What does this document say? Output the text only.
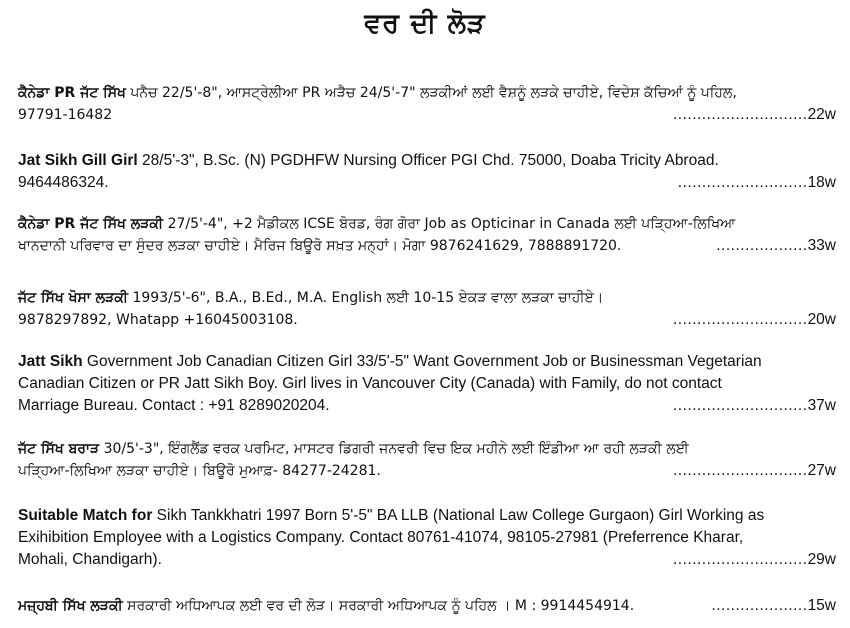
ਵਰ ਦੀ ਲੋੜ
ਕੈਨੇਡਾ PR ਜੱਟ ਸਿੱਖ ਪਨੈਚ 22/5'-8", ਆਸਟ੍ਰੇਲੀਆ PR ਅੜੈਚ 24/5'-7" ਲੜਕੀਆਂ ਲਈ ਵੈਸ਼ਨੂੰ ਲੜਕੇ ਚਾਹੀਏ, ਵਿਦੇਸ਼ ਕੱਚਿਆਂ ਨੂੰ ਪਹਿਲ,
97791-16482	............................22w
Jat Sikh Gill Girl 28/5'-3", B.Sc. (N) PGDHFW Nursing Officer PGI Chd. 75000, Doaba Tricity Abroad.
9464486324.	...........................18w
ਕੈਨੇਡਾ PR ਜੱਟ ਸਿੱਖ ਲੜਕੀ 27/5'-4", +2 ਮੈਡੀਕਲ ICSE ਬੋਰਡ, ਰੰਗ ਗੋਰਾ Job as Opticinar in Canada ਲਈ ਪੜ੍ਹਿਆ-ਲਿਖਿਆ
ਖਾਨਦਾਨੀ ਪਰਿਵਾਰ ਦਾ ਸੁੰਦਰ ਲੜਕਾ ਚਾਹੀਏ। ਮੈਰਿਜ ਬਿਊਰੋ ਸਖ਼ਤ ਮਨ੍ਹਾਂ। ਮੋਗਾ 9876241629, 7888891720.	...................33w
ਜੱਟ ਸਿੱਖ ਖੋਸਾ ਲੜਕੀ 1993/5'-6", B.A., B.Ed., M.A. English ਲਈ 10-15 ਏਕੜ ਵਾਲਾ ਲੜਕਾ ਚਾਹੀਏ।
9878297892, Whatapp +16045003108.	............................20w
Jatt Sikh Government Job Canadian Citizen Girl 33/5'-5" Want Government Job or Businessman Vegetarian
Canadian Citizen or PR Jatt Sikh Boy. Girl lives in Vancouver City (Canada) with Family, do not contact
Marriage Bureau. Contact : +91 8289020204.	............................37w
ਜੱਟ ਸਿੱਖ ਬਰਾੜ 30/5'-3", ਇੰਗਲੈਂਡ ਵਰਕ ਪਰਮਿਟ, ਮਾਸਟਰ ਡਿਗਰੀ ਜਨਵਰੀ ਵਿਚ ਇਕ ਮਹੀਨੇ ਲਈ ਇੰਡੀਆ ਆ ਰਹੀ ਲੜਕੀ ਲਈ
ਪੜ੍ਹਿਆ-ਲਿਖਿਆ ਲੜਕਾ ਚਾਹੀਏ। ਬਿਊਰੋ ਮੁਆਫ਼- 84277-24281.	............................27w
Suitable Match for Sikh Tankkhatri 1997 Born 5'-5" BA LLB (National Law College Gurgaon) Girl Working as
Exihibition Employee with a Logistics Company. Contact 80761-41074, 98105-27981 (Preferrence Kharar,
Mohali, Chandigarh).	............................29w
ਮਜ਼੍ਹਬੀ ਸਿੱਖ ਲੜਕੀ ਸਰਕਾਰੀ ਅਧਿਆਪਕ ਲਈ ਵਰ ਦੀ ਲੋੜ। ਸਰਕਾਰੀ ਅਧਿਆਪਕ ਨੂੰ ਪਹਿਲ । M : 9914454914.	....................15w
